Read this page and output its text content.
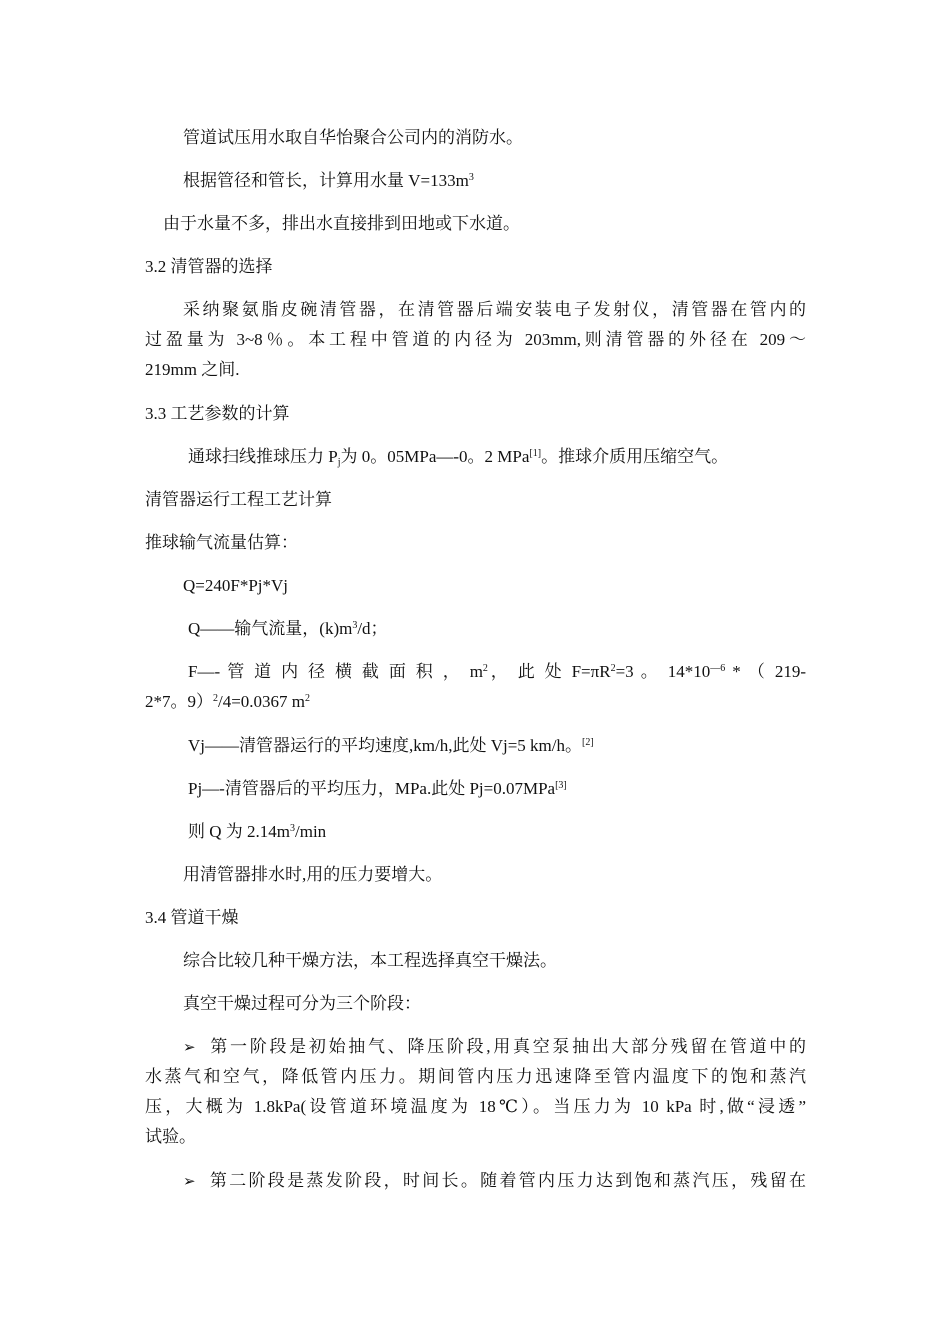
管道试压用水取自华怡聚合公司内的消防水。
根据管径和管长，计算用水量 $V=133m^3$
由于水量不多，排出水直接排到田地或下水道。
3.2 清管器的选择
采纳聚氨脂皮碗清管器，在清管器后端安装电子发射仪，清管器在管内的
过盈量为 3~8％。本工程中管道的内径为 203mm,则清管器的外径在 209～
219mm 之间.
3.3 工艺参数的计算
通球扫线推球压力 $P_j$为 0。05MPa—-0。2 MPa[1]。推球介质用压缩空气。
清管器运行工程工艺计算
推球输气流量估算：
Q=240F*Pj*Vj
Q——输气流量，$(k)m^3/d$；
F—- 管 道 内 径 横 截 面 积 ， $m^2$， 此 处 $F=\pi R^2=3$ 。 $14*10^{—6}$ * （ 219-
2*7。9）$^2$/4=0.0367 $m^2$
Vj——清管器运行的平均速度,km/h,此处 Vj=5 km/h。[2]
Pj—-清管器后的平均压力，MPa.此处 Pj=0.07MPa[3]
则 Q 为 $2.14m^3/\min$
用清管器排水时,用的压力要增大。
3.4 管道干燥
综合比较几种干燥方法，本工程选择真空干燥法。
真空干燥过程可分为三个阶段：
➢ 第一阶段是初始抽气、降压阶段,用真空泵抽出大部分残留在管道中的
水蒸气和空气，降低管内压力。期间管内压力迅速降至管内温度下的饱和蒸汽
压，大概为 1.8kPa(设管道环境温度为 18℃）。当压力为 10 kPa 时,做“浸透”
试验。
➢ 第二阶段是蒸发阶段，时间长。随着管内压力达到饱和蒸汽压，残留在
